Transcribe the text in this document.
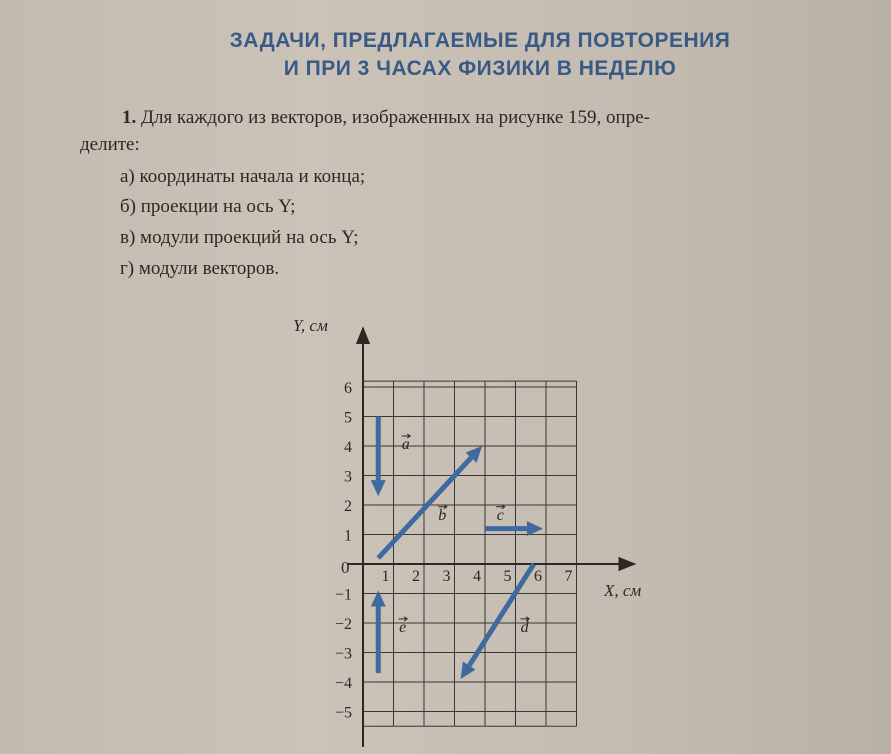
ЗАДАЧИ, ПРЕДЛАГАЕМЫЕ ДЛЯ ПОВТОРЕНИЯ
И ПРИ 3 ЧАСАХ ФИЗИКИ В НЕДЕЛЮ
1. Для каждого из векторов, изображенных на рисунке 159, опре-
делите:
а) координаты начала и конца;
б) проекции на ось Y;
в) модули проекций на ось Y;
г) модули векторов.
1 2 3 4 5 6 7
6
5
4
3
2
1
−1
−2
−3
−4
−5
Y, см
X, см
0
a
b	c
d
e
